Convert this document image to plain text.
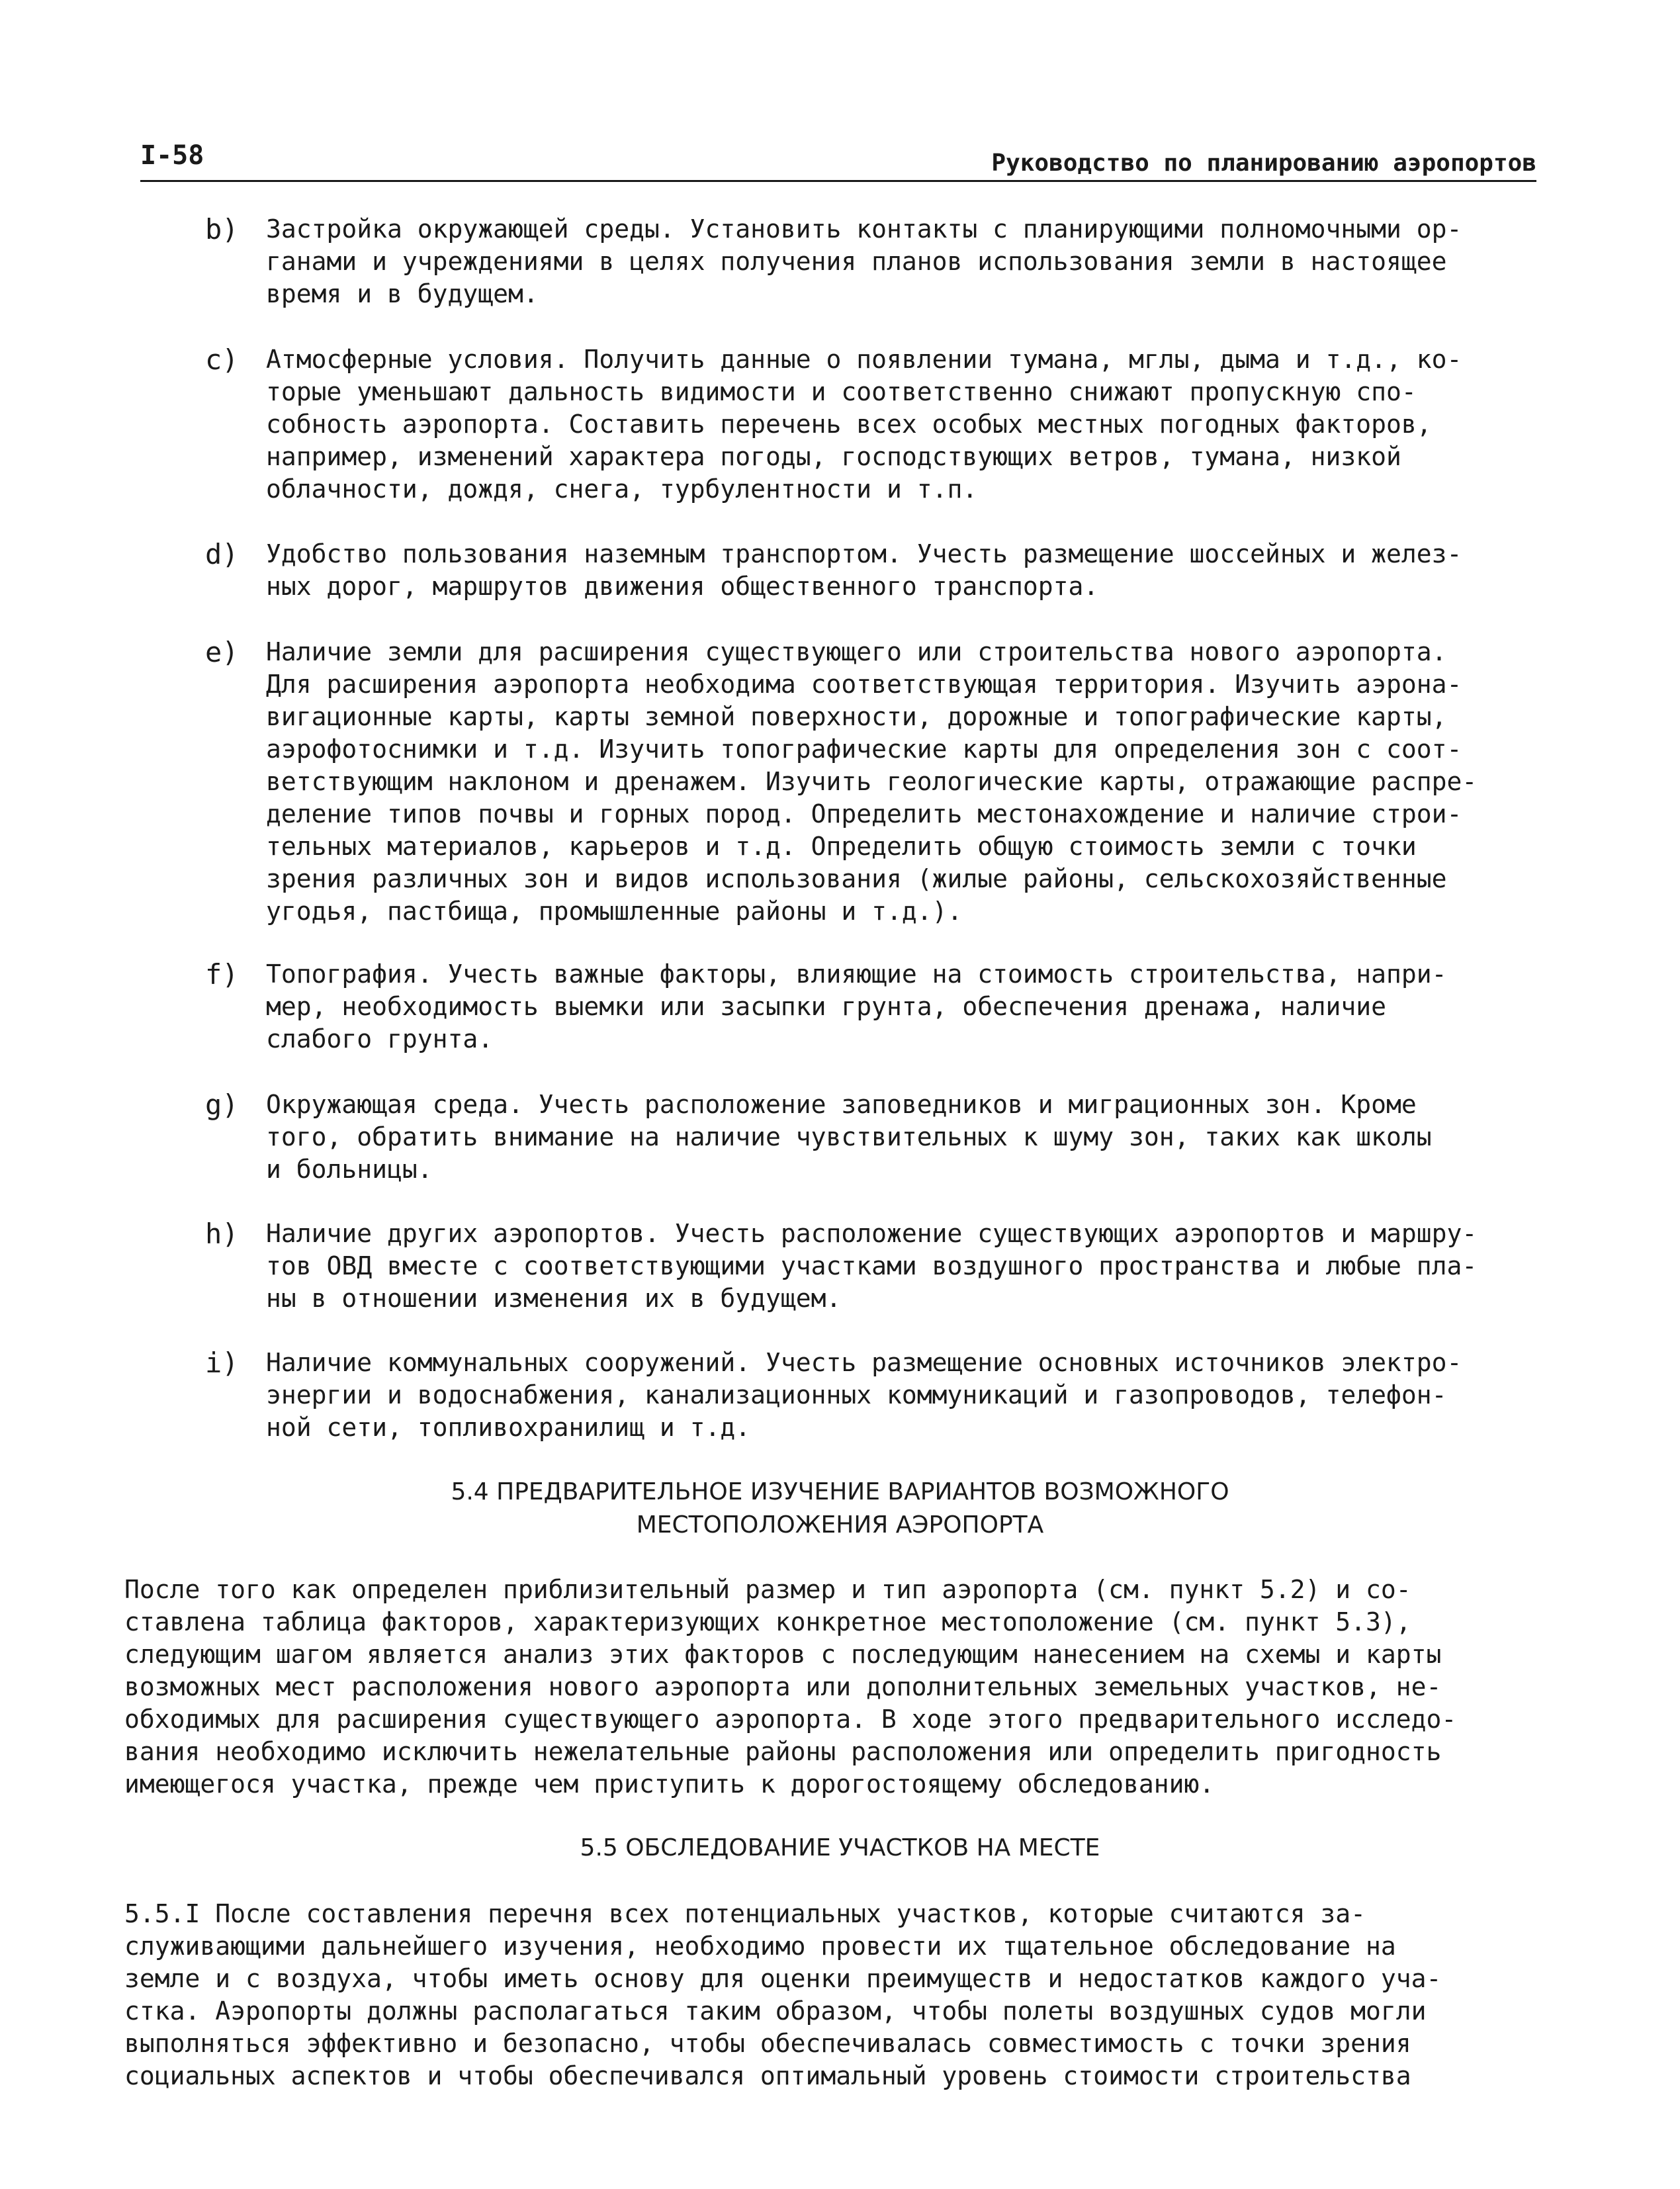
I-58	Руководство по планированию аэропортов
b) Застройка окружающей среды. Установить контакты с планирующими полномочными ор-
ганами и учреждениями в целях получения планов использования земли в настоящее
время и в будущем.
c) Атмосферные условия. Получить данные о появлении тумана, мглы, дыма и т.д., ко-
торые уменьшают дальность видимости и соответственно снижают пропускную спо-
собность аэропорта. Составить перечень всех особых местных погодных факторов,
например, изменений характера погоды, господствующих ветров, тумана, низкой
облачности, дождя, снега, турбулентности и т.п.
d) Удобство пользования наземным транспортом. Учесть размещение шоссейных и желез-
ных дорог, маршрутов движения общественного транспорта.
e) Наличие земли для расширения существующего или строительства нового аэропорта.
Для расширения аэропорта необходима соответствующая территория. Изучить аэрона-
вигационные карты, карты земной поверхности, дорожные и топографические карты,
аэрофотоснимки и т.д. Изучить топографические карты для определения зон с соот-
ветствующим наклоном и дренажем. Изучить геологические карты, отражающие распре-
деление типов почвы и горных пород. Определить местонахождение и наличие строи-
тельных материалов, карьеров и т.д. Определить общую стоимость земли с точки
зрения различных зон и видов использования (жилые районы, сельскохозяйственные
угодья, пастбища, промышленные районы и т.д.).
f) Топография. Учесть важные факторы, влияющие на стоимость строительства, напри-
мер, необходимость выемки или засыпки грунта, обеспечения дренажа, наличие
слабого грунта.
g) Окружающая среда. Учесть расположение заповедников и миграционных зон. Кроме
того, обратить внимание на наличие чувствительных к шуму зон, таких как школы
и больницы.
h) Наличие других аэропортов. Учесть расположение существующих аэропортов и маршру-
тов ОВД вместе с соответствующими участками воздушного пространства и любые пла-
ны в отношении изменения их в будущем.
i) Наличие коммунальных сооружений. Учесть размещение основных источников электро-
энергии и водоснабжения, канализационных коммуникаций и газопроводов, телефон-
ной сети, топливохранилищ и т.д.
5.4 ПРЕДВАРИТЕЛЬНОЕ ИЗУЧЕНИЕ ВАРИАНТОВ ВОЗМОЖНОГО
МЕСТОПОЛОЖЕНИЯ АЭРОПОРТА
После того как определен приблизительный размер и тип аэропорта (см. пункт 5.2) и со-
ставлена таблица факторов, характеризующих конкретное местоположение (см. пункт 5.3),
следующим шагом является анализ этих факторов с последующим нанесением на схемы и карты
возможных мест расположения нового аэропорта или дополнительных земельных участков, не-
обходимых для расширения существующего аэропорта. В ходе этого предварительного исследо-
вания необходимо исключить нежелательные районы расположения или определить пригодность
имеющегося участка, прежде чем приступить к дорогостоящему обследованию.
5.5 ОБСЛЕДОВАНИЕ УЧАСТКОВ НА МЕСТЕ
5.5.I После составления перечня всех потенциальных участков, которые считаются за-
служивающими дальнейшего изучения, необходимо провести их тщательное обследование на
земле и с воздуха, чтобы иметь основу для оценки преимуществ и недостатков каждого уча-
стка. Аэропорты должны располагаться таким образом, чтобы полеты воздушных судов могли
выполняться эффективно и безопасно, чтобы обеспечивалась совместимость с точки зрения
социальных аспектов и чтобы обеспечивался оптимальный уровень стоимости строительства
